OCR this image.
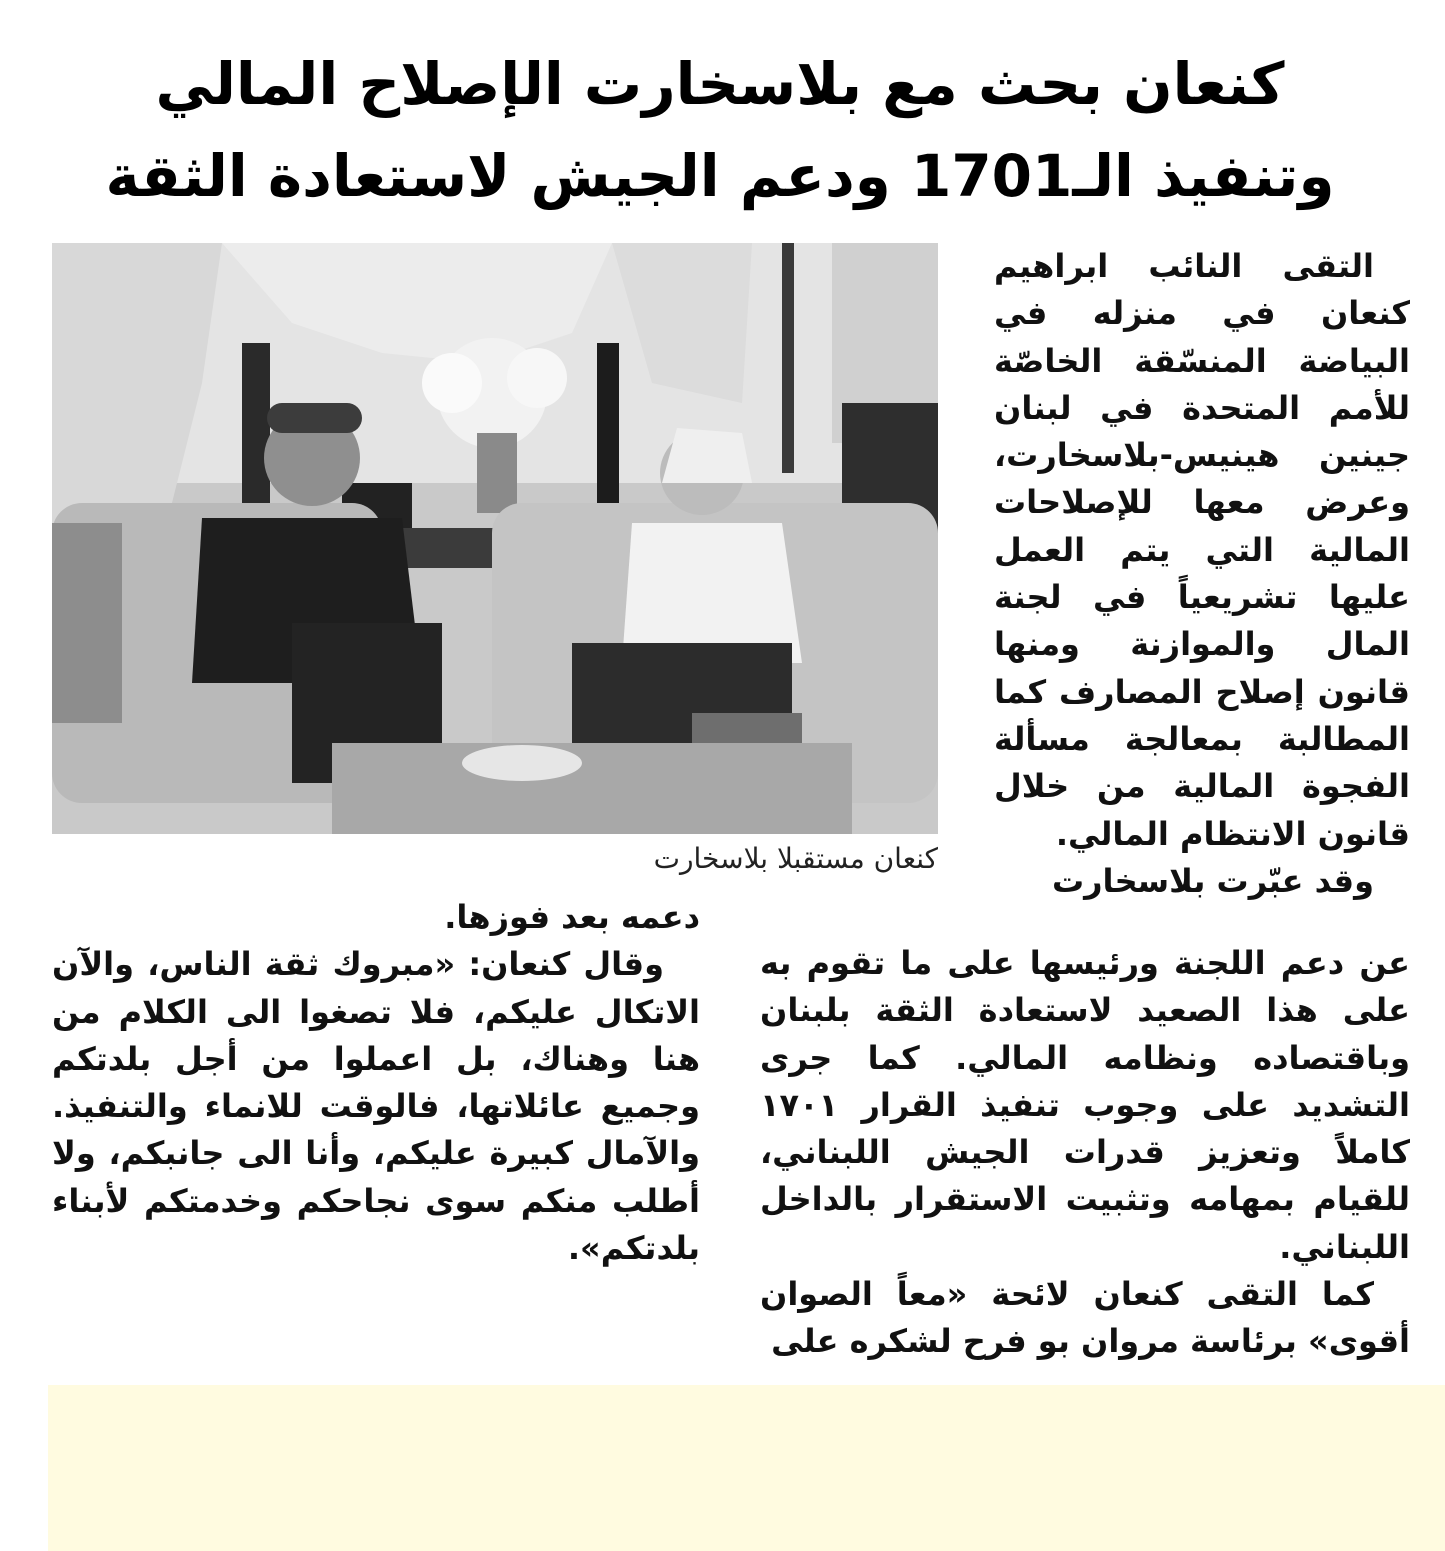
كنعان بحث مع بلاسخارت الإصلاح المالي
وتنفيذ الـ1701 ودعم الجيش لاستعادة الثقة
كنعان مستقبلا بلاسخارت

التقى النائب ابراهيم كنعان في منزله في البياضة المنسّقة الخاصّة للأمم المتحدة في لبنان جينين هينيس-بلاسخارت، وعرض معها للإصلاحات المالية التي يتم العمل عليها تشريعياً في لجنة المال والموازنة ومنها قانون إصلاح المصارف كما المطالبة بمعالجة مسألة الفجوة المالية من خلال قانون الانتظام المالي.

وقد عبّرت بلاسخارت

عن دعم اللجنة ورئيسها على ما تقوم به على هذا الصعيد لاستعادة الثقة بلبنان وباقتصاده ونظامه المالي. كما جرى التشديد على وجوب تنفيذ القرار ١٧٠١ كاملاً وتعزيز قدرات الجيش اللبناني، للقيام بمهامه وتثبيت الاستقرار بالداخل اللبناني.

كما التقى كنعان لائحة «معاً الصوان أقوى» برئاسة مروان بو فرح لشكره على

دعمه بعد فوزها.

وقال كنعان: «مبروك ثقة الناس، والآن الاتكال عليكم، فلا تصغوا الى الكلام من هنا وهناك، بل اعملوا من أجل بلدتكم وجميع عائلاتها، فالوقت للانماء والتنفيذ. والآمال كبيرة عليكم، وأنا الى جانبكم، ولا أطلب منكم سوى نجاحكم وخدمتكم لأبناء بلدتكم».
